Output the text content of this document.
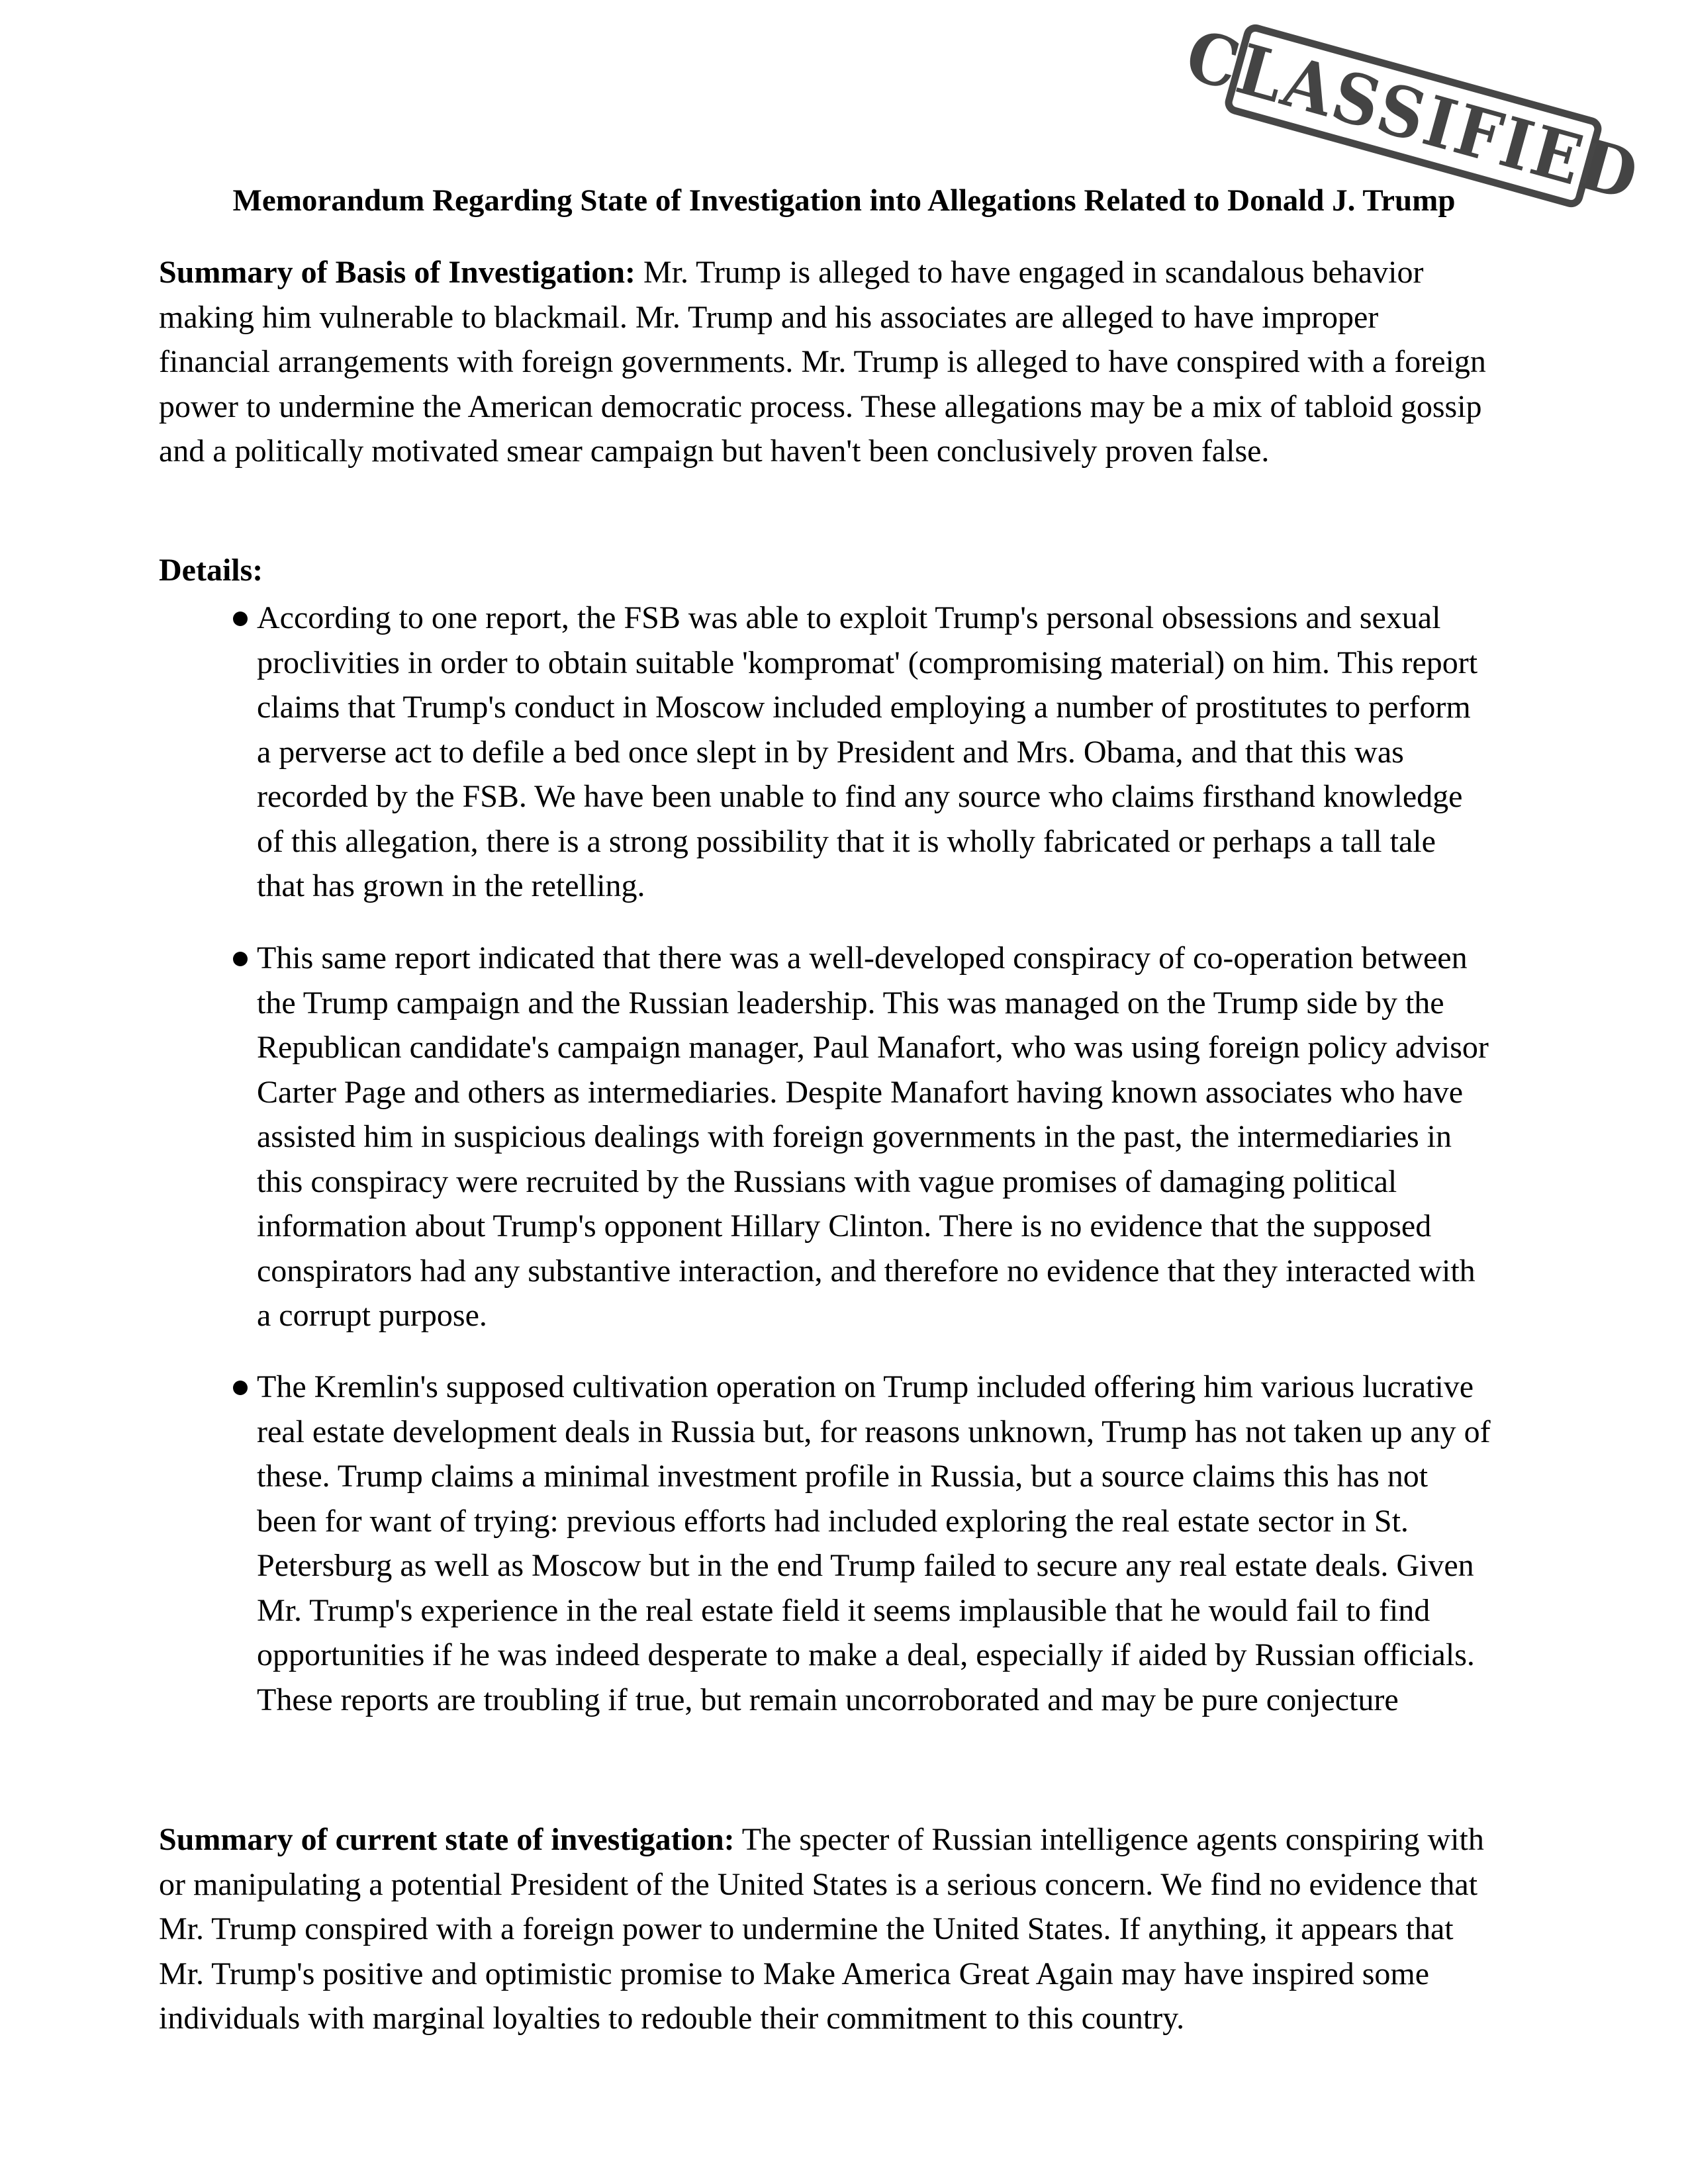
CLASSIFIED
Memorandum Regarding State of Investigation into Allegations Related to Donald J. Trump
Summary of Basis of Investigation: Mr. Trump is alleged to have engaged in scandalous behavior making him vulnerable to blackmail. Mr. Trump and his associates are alleged to have improper financial arrangements with foreign governments. Mr. Trump is alleged to have conspired with a foreign power to undermine the American democratic process. These allegations may be a mix of tabloid gossip and a politically motivated smear campaign but haven't been conclusively proven false.
Details:
According to one report, the FSB was able to exploit Trump's personal obsessions and sexual proclivities in order to obtain suitable 'kompromat' (compromising material) on him. This report claims that Trump's conduct in Moscow included employing a number of prostitutes to perform a perverse act to defile a bed once slept in by President and Mrs. Obama, and that this was recorded by the FSB. We have been unable to find any source who claims firsthand knowledge of this allegation, there is a strong possibility that it is wholly fabricated or perhaps a tall tale that has grown in the retelling.
This same report indicated that there was a well-developed conspiracy of co-operation between the Trump campaign and the Russian leadership. This was managed on the Trump side by the Republican candidate's campaign manager, Paul Manafort, who was using foreign policy advisor Carter Page and others as intermediaries. Despite Manafort having known associates who have assisted him in suspicious dealings with foreign governments in the past, the intermediaries in this conspiracy were recruited by the Russians with vague promises of damaging political information about Trump's opponent Hillary Clinton. There is no evidence that the supposed conspirators had any substantive interaction, and therefore no evidence that they interacted with a corrupt purpose.
The Kremlin's supposed cultivation operation on Trump included offering him various lucrative real estate development deals in Russia but, for reasons unknown, Trump has not taken up any of these. Trump claims a minimal investment profile in Russia, but a source claims this has not been for want of trying: previous efforts had included exploring the real estate sector in St. Petersburg as well as Moscow but in the end Trump failed to secure any real estate deals. Given Mr. Trump's experience in the real estate field it seems implausible that he would fail to find opportunities if he was indeed desperate to make a deal, especially if aided by Russian officials. These reports are troubling if true, but remain uncorroborated and may be pure conjecture
Summary of current state of investigation: The specter of Russian intelligence agents conspiring with or manipulating a potential President of the United States is a serious concern. We find no evidence that Mr. Trump conspired with a foreign power to undermine the United States. If anything, it appears that Mr. Trump's positive and optimistic promise to Make America Great Again may have inspired some individuals with marginal loyalties to redouble their commitment to this country.
